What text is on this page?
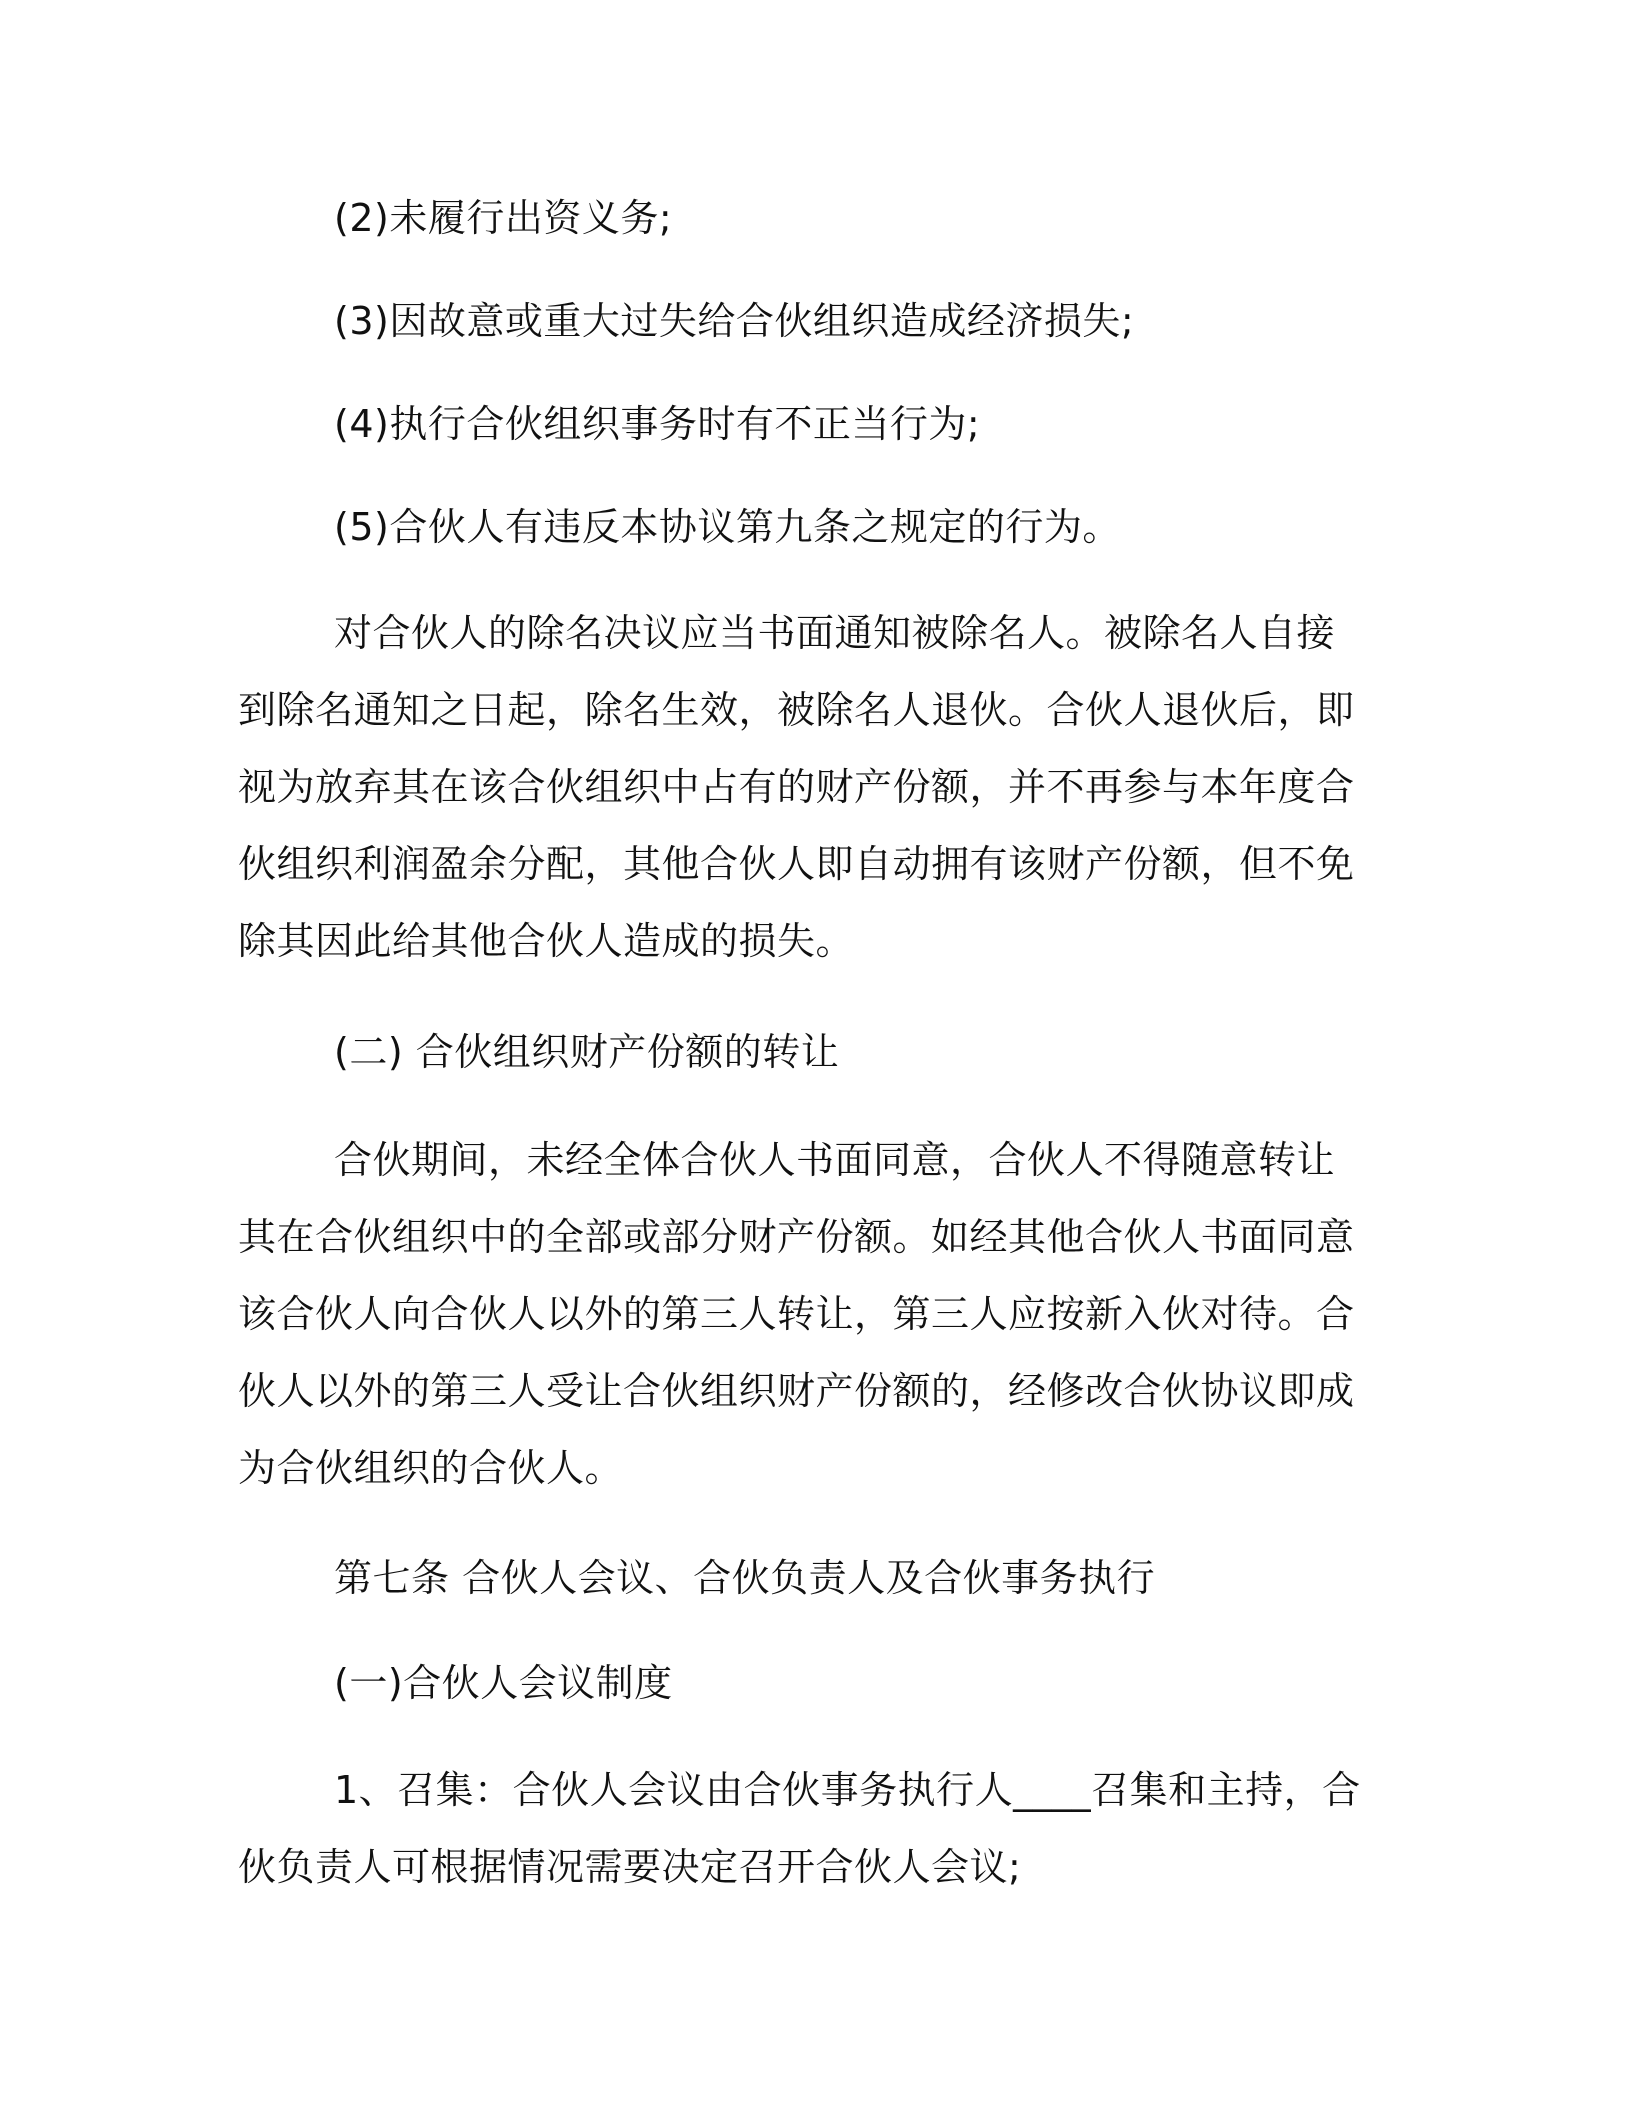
(2)未履行出资义务;

(3)因故意或重大过失给合伙组织造成经济损失;

(4)执行合伙组织事务时有不正当行为;

(5)合伙人有违反本协议第九条之规定的行为。

对合伙人的除名决议应当书面通知被除名人。被除名人自接到除名通知之日起，除名生效，被除名人退伙。合伙人退伙后，即视为放弃其在该合伙组织中占有的财产份额，并不再参与本年度合伙组织利润盈余分配，其他合伙人即自动拥有该财产份额，但不免除其因此给其他合伙人造成的损失。

(二) 合伙组织财产份额的转让

合伙期间，未经全体合伙人书面同意，合伙人不得随意转让其在合伙组织中的全部或部分财产份额。如经其他合伙人书面同意该合伙人向合伙人以外的第三人转让，第三人应按新入伙对待。合伙人以外的第三人受让合伙组织财产份额的，经修改合伙协议即成为合伙组织的合伙人。

第七条 合伙人会议、合伙负责人及合伙事务执行

(一)合伙人会议制度

1、召集：合伙人会议由合伙事务执行人____召集和主持，合伙负责人可根据情况需要决定召开合伙人会议;
